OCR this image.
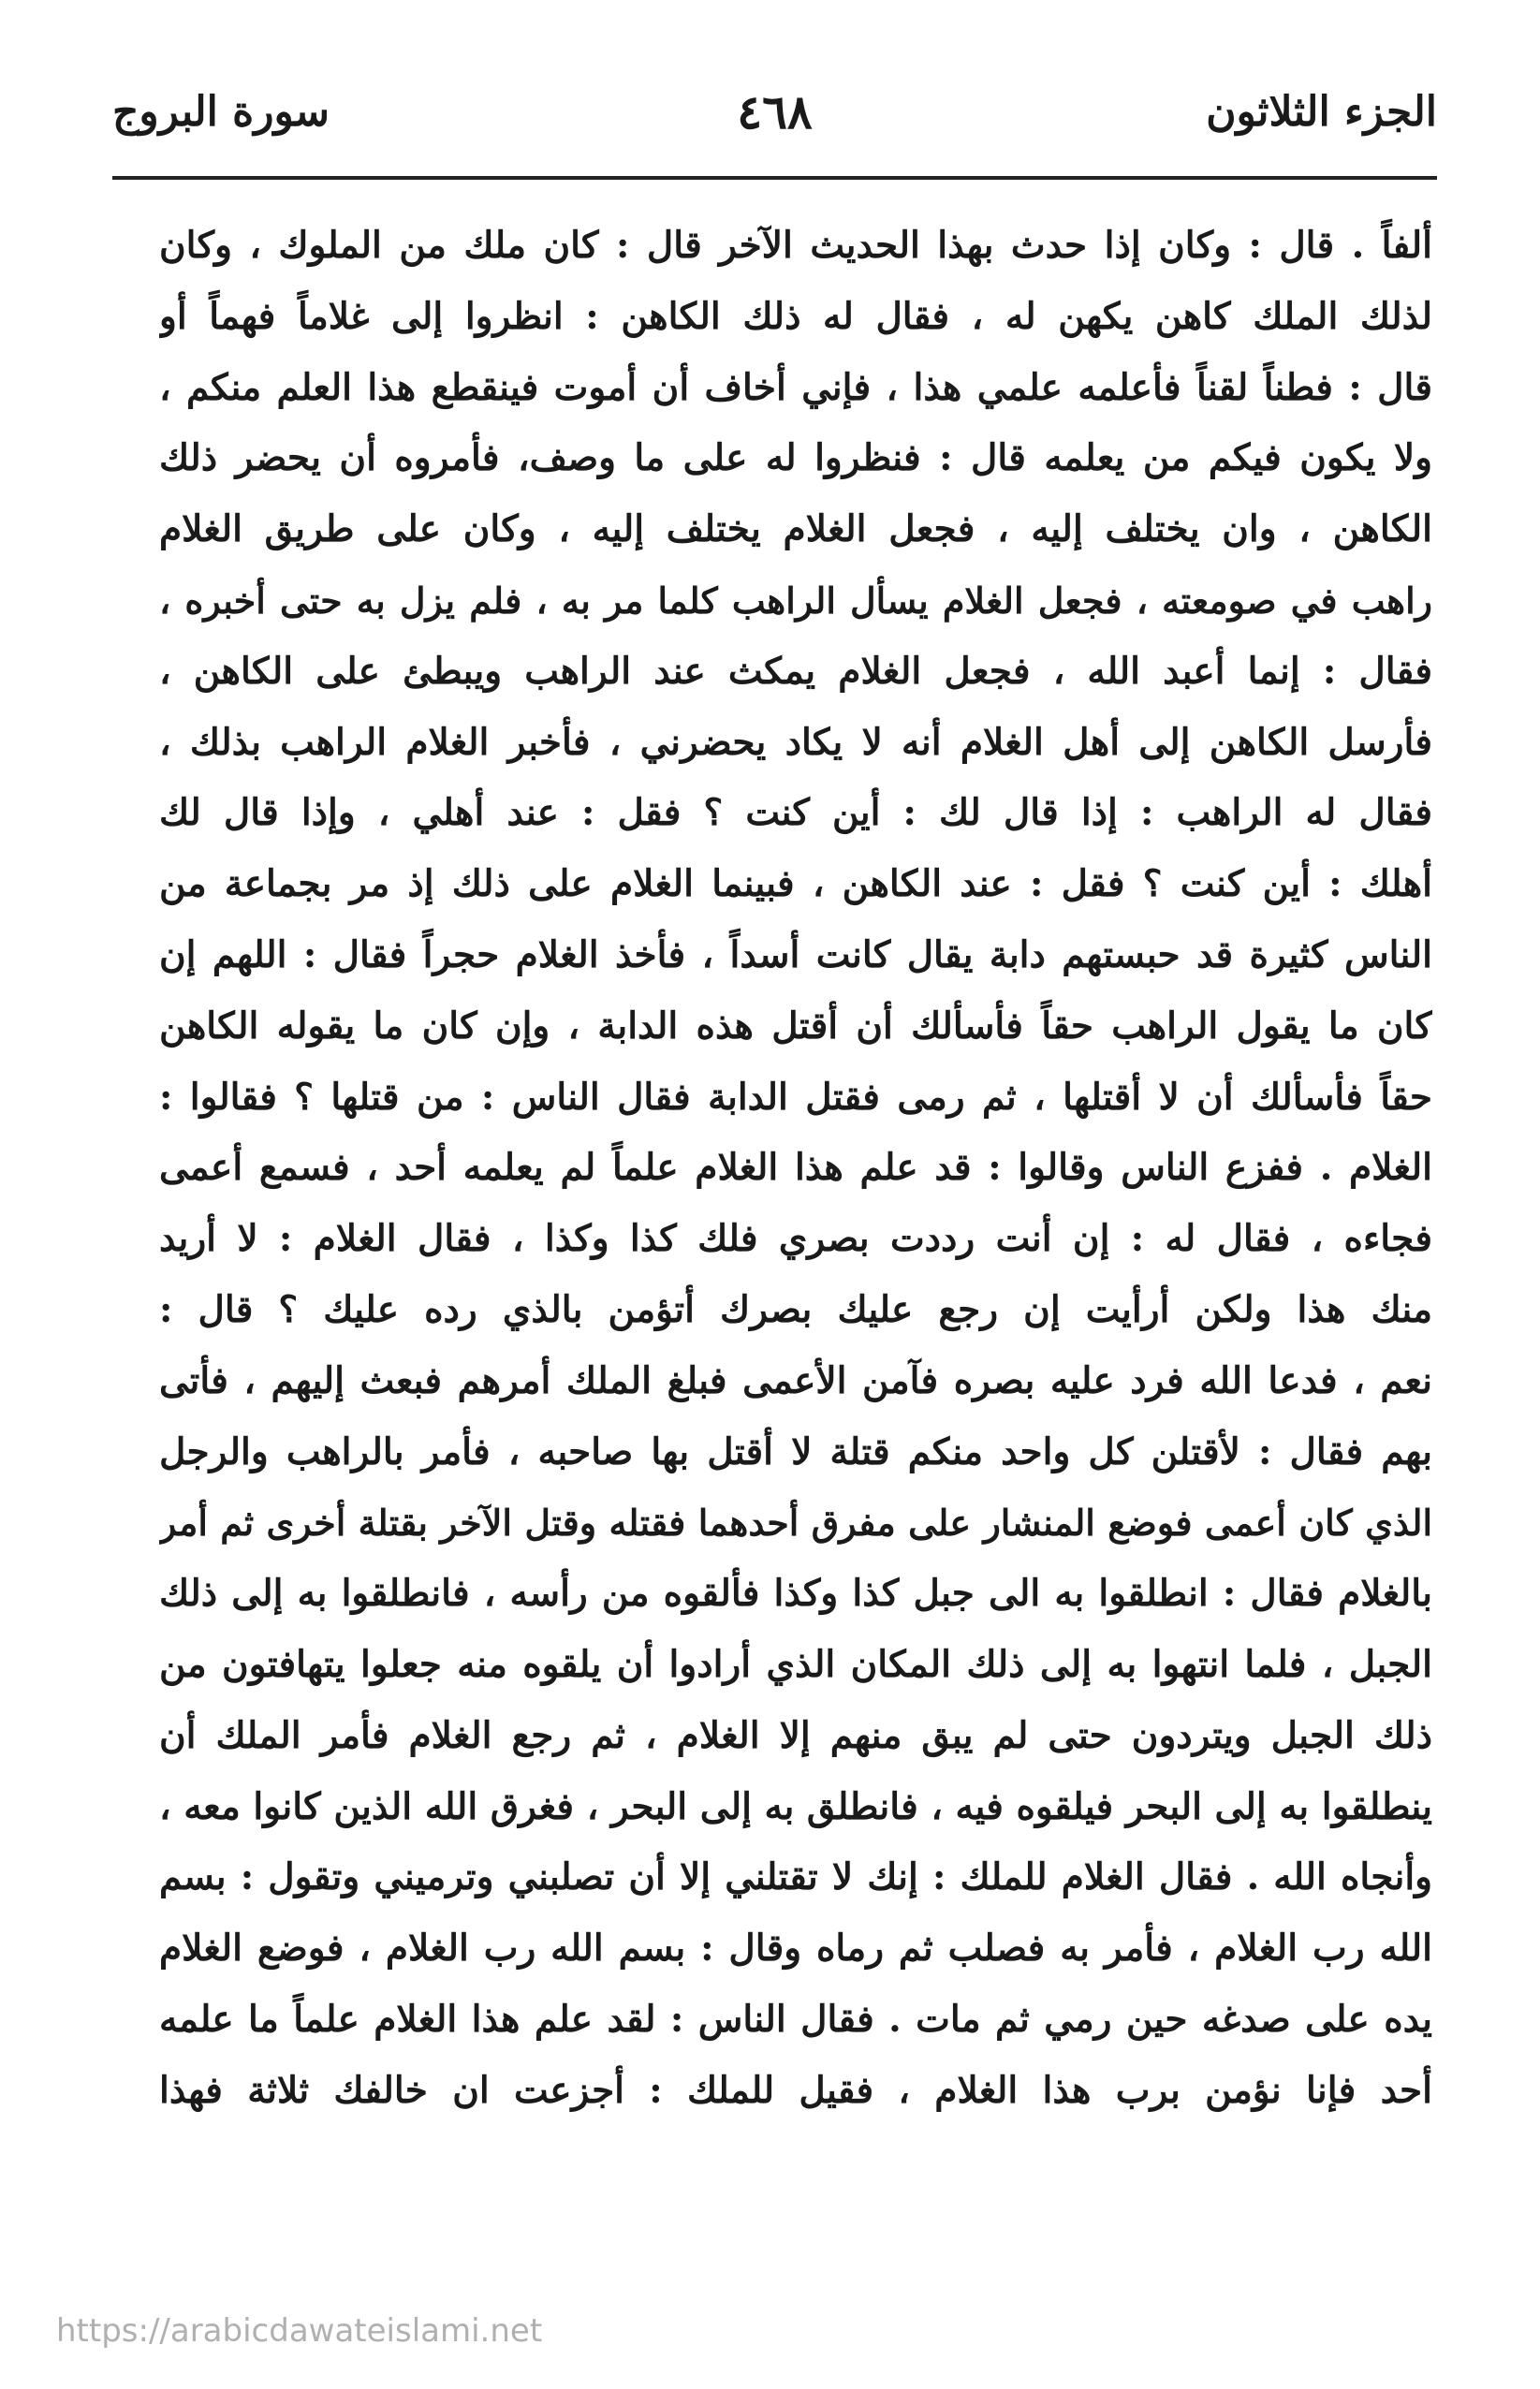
الجزء الثلاثون
٤٦٨
سورة البروج
ألفاً . قال : وكان إذا حدث بهذا الحديث الآخر قال : كان ملك من الملوك ، وكان
لذلك الملك كاهن يكهن له ، فقال له ذلك الكاهن : انظروا إلى غلاماً فهماً أو
قال : فطناً لقناً فأعلمه علمي هذا ، فإني أخاف أن أموت فينقطع هذا العلم منكم ،
ولا يكون فيكم من يعلمه قال : فنظروا له على ما وصف، فأمروه أن يحضر ذلك
الكاهن ، وان يختلف إليه ، فجعل الغلام يختلف إليه ، وكان على طريق الغلام
راهب في صومعته ، فجعل الغلام يسأل الراهب كلما مر به ، فلم يزل به حتى أخبره ،
فقال : إنما أعبد الله ، فجعل الغلام يمكث عند الراهب ويبطئ على الكاهن ،
فأرسل الكاهن إلى أهل الغلام أنه لا يكاد يحضرني ، فأخبر الغلام الراهب بذلك ،
فقال له الراهب : إذا قال لك : أين كنت ؟ فقل : عند أهلي ، وإذا قال لك
أهلك : أين كنت ؟ فقل : عند الكاهن ، فبينما الغلام على ذلك إذ مر بجماعة من
الناس كثيرة قد حبستهم دابة يقال كانت أسداً ، فأخذ الغلام حجراً فقال : اللهم إن
كان ما يقول الراهب حقاً فأسألك أن أقتل هذه الدابة ، وإن كان ما يقوله الكاهن
حقاً فأسألك أن لا أقتلها ، ثم رمى فقتل الدابة فقال الناس : من قتلها ؟ فقالوا :
الغلام . ففزع الناس وقالوا : قد علم هذا الغلام علماً لم يعلمه أحد ، فسمع أعمى
فجاءه ، فقال له : إن أنت رددت بصري فلك كذا وكذا ، فقال الغلام : لا أريد
منك هذا ولكن أرأيت إن رجع عليك بصرك أتؤمن بالذي رده عليك ؟ قال :
نعم ، فدعا الله فرد عليه بصره فآمن الأعمى فبلغ الملك أمرهم فبعث إليهم ، فأتى
بهم فقال : لأقتلن كل واحد منكم قتلة لا أقتل بها صاحبه ، فأمر بالراهب والرجل
الذي كان أعمى فوضع المنشار على مفرق أحدهما فقتله وقتل الآخر بقتلة أخرى ثم أمر
بالغلام فقال : انطلقوا به الى جبل كذا وكذا فألقوه من رأسه ، فانطلقوا به إلى ذلك
الجبل ، فلما انتهوا به إلى ذلك المكان الذي أرادوا أن يلقوه منه جعلوا يتهافتون من
ذلك الجبل ويتردون حتى لم يبق منهم إلا الغلام ، ثم رجع الغلام فأمر الملك أن
ينطلقوا به إلى البحر فيلقوه فيه ، فانطلق به إلى البحر ، فغرق الله الذين كانوا معه ،
وأنجاه الله . فقال الغلام للملك : إنك لا تقتلني إلا أن تصلبني وترميني وتقول : بسم
الله رب الغلام ، فأمر به فصلب ثم رماه وقال : بسم الله رب الغلام ، فوضع الغلام
يده على صدغه حين رمي ثم مات . فقال الناس : لقد علم هذا الغلام علماً ما علمه
أحد فإنا نؤمن برب هذا الغلام ، فقيل للملك : أجزعت ان خالفك ثلاثة فهذا
https://arabicdawateislami.net
